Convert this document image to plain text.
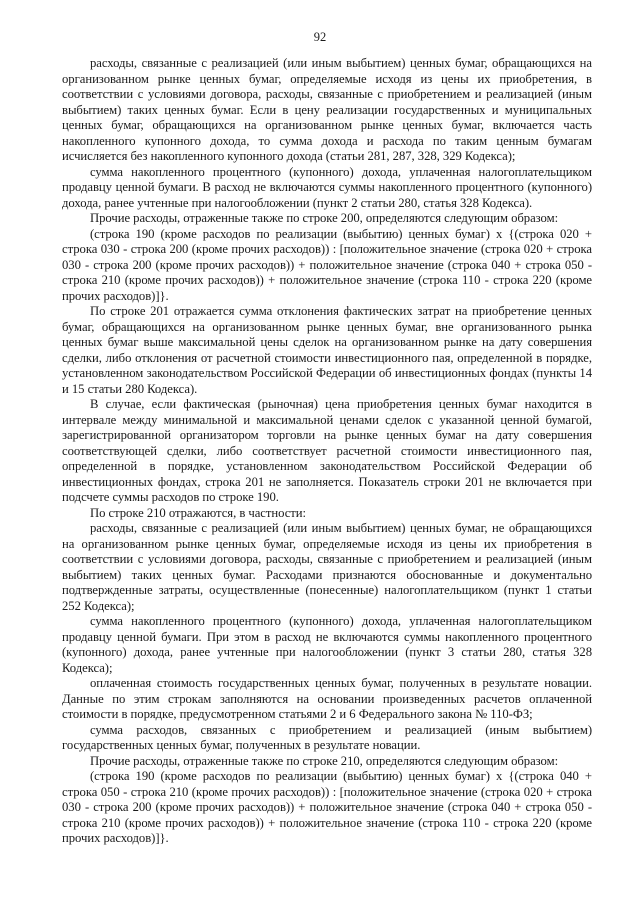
92

расходы, связанные с реализацией (или иным выбытием) ценных бумаг, обращающихся на организованном рынке ценных бумаг, определяемые исходя из цены их приобретения, в соответствии с условиями договора, расходы, связанные с приобретением и реализацией (иным выбытием) таких ценных бумаг. Если в цену реализации государственных и муниципальных ценных бумаг, обращающихся на организованном рынке ценных бумаг, включается часть накопленного купонного дохода, то сумма дохода и расхода по таким ценным бумагам исчисляется без накопленного купонного дохода (статьи 281, 287, 328, 329 Кодекса);

сумма накопленного процентного (купонного) дохода, уплаченная налогоплательщиком продавцу ценной бумаги. В расход не включаются суммы накопленного процентного (купонного) дохода, ранее учтенные при налогообложении (пункт 2 статьи 280, статья 328 Кодекса).

Прочие расходы, отраженные также по строке 200, определяются следующим образом:

(строка 190 (кроме расходов по реализации (выбытию) ценных бумаг) x {(строка 020 + строка 030 - строка 200 (кроме прочих расходов)) : [положительное значение (строка 020 + строка 030 - строка 200 (кроме прочих расходов)) + положительное значение (строка 040 + строка 050 - строка 210 (кроме прочих расходов)) + положительное значение (строка 110 - строка 220 (кроме прочих расходов)]}.

По строке 201 отражается сумма отклонения фактических затрат на приобретение ценных бумаг, обращающихся на организованном рынке ценных бумаг, вне организованного рынка ценных бумаг выше максимальной цены сделок на организованном рынке на дату совершения сделки, либо отклонения от расчетной стоимости инвестиционного пая, определенной в порядке, установленном законодательством Российской Федерации об инвестиционных фондах (пункты 14 и 15 статьи 280 Кодекса).

В случае, если фактическая (рыночная) цена приобретения ценных бумаг находится в интервале между минимальной и максимальной ценами сделок с указанной ценной бумагой, зарегистрированной организатором торговли на рынке ценных бумаг на дату совершения соответствующей сделки, либо соответствует расчетной стоимости инвестиционного пая, определенной в порядке, установленном законодательством Российской Федерации об инвестиционных фондах, строка 201 не заполняется. Показатель строки 201 не включается при подсчете суммы расходов по строке 190.

По строке 210 отражаются, в частности:

расходы, связанные с реализацией (или иным выбытием) ценных бумаг, не обращающихся на организованном рынке ценных бумаг, определяемые исходя из цены их приобретения в соответствии с условиями договора, расходы, связанные с приобретением и реализацией (иным выбытием) таких ценных бумаг. Расходами признаются обоснованные и документально подтвержденные затраты, осуществленные (понесенные) налогоплательщиком (пункт 1 статьи 252 Кодекса);

сумма накопленного процентного (купонного) дохода, уплаченная налогоплательщиком продавцу ценной бумаги. При этом в расход не включаются суммы накопленного процентного (купонного) дохода, ранее учтенные при налогообложении (пункт 3 статьи 280, статья 328 Кодекса);

оплаченная стоимость государственных ценных бумаг, полученных в результате новации. Данные по этим строкам заполняются на основании произведенных расчетов оплаченной стоимости в порядке, предусмотренном статьями 2 и 6 Федерального закона № 110-ФЗ;

сумма расходов, связанных с приобретением и реализацией (иным выбытием) государственных ценных бумаг, полученных в результате новации.

Прочие расходы, отраженные также по строке 210, определяются следующим образом:

(строка 190 (кроме расходов по реализации (выбытию) ценных бумаг) x {(строка 040 + строка 050 - строка 210 (кроме прочих расходов)) : [положительное значение (строка 020 + строка 030 - строка 200 (кроме прочих расходов)) + положительное значение (строка 040 + строка 050 - строка 210 (кроме прочих расходов)) + положительное значение (строка 110 - строка 220 (кроме прочих расходов)]}.
